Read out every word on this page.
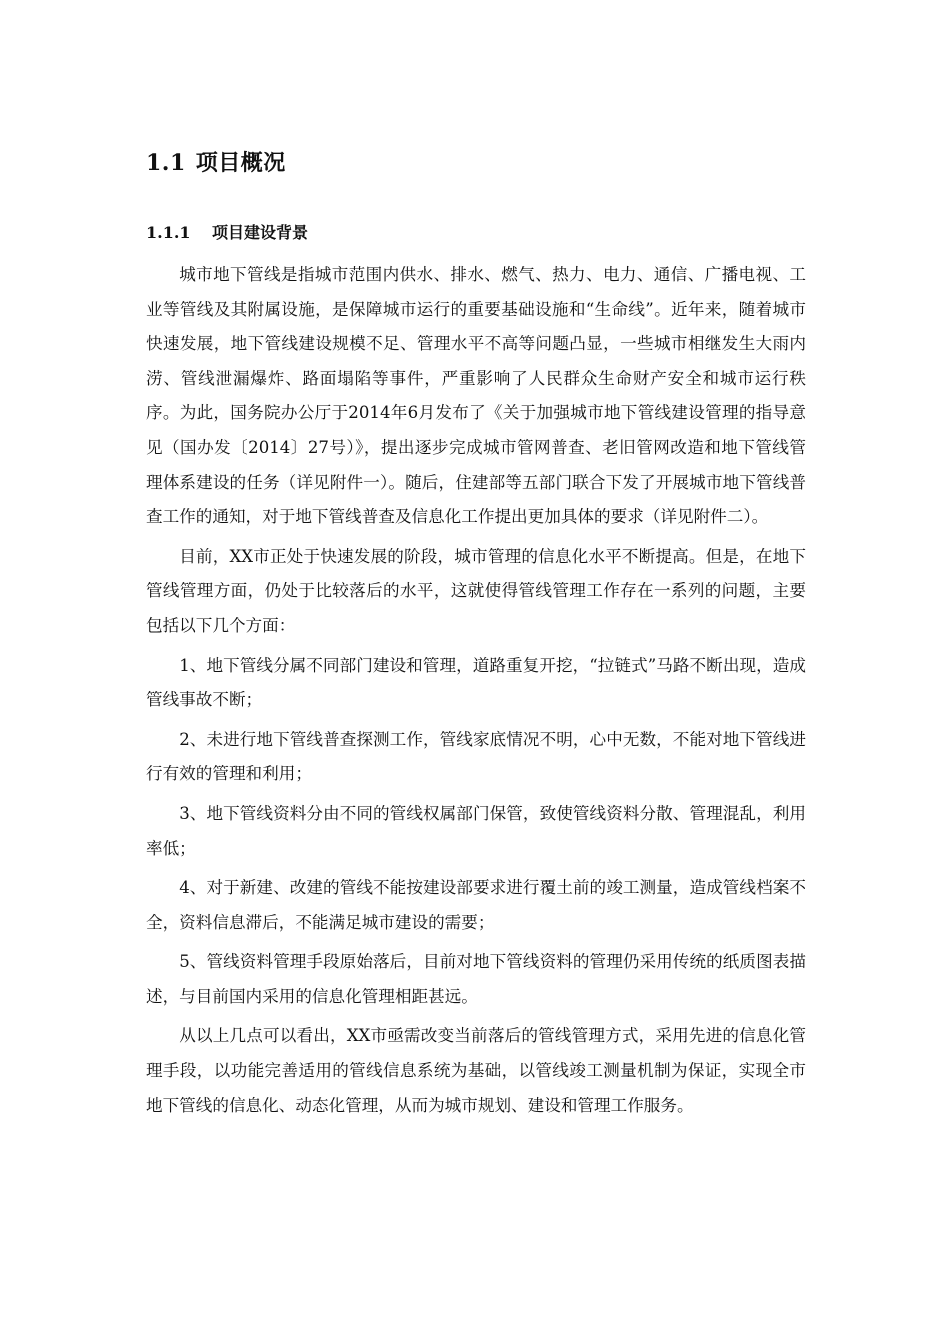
1.1 项目概况
1.1.1 项目建设背景

城市地下管线是指城市范围内供水、排水、燃气、热力、电力、通信、广播电视、工业等管线及其附属设施，是保障城市运行的重要基础设施和“生命线”。近年来，随着城市快速发展，地下管线建设规模不足、管理水平不高等问题凸显，一些城市相继发生大雨内涝、管线泄漏爆炸、路面塌陷等事件，严重影响了人民群众生命财产安全和城市运行秩序。为此，国务院办公厅于2014年6月发布了《关于加强城市地下管线建设管理的指导意见（国办发〔2014〕27号）》，提出逐步完成城市管网普查、老旧管网改造和地下管线管理体系建设的任务（详见附件一）。随后，住建部等五部门联合下发了开展城市地下管线普查工作的通知，对于地下管线普查及信息化工作提出更加具体的要求（详见附件二）。

目前，XX市正处于快速发展的阶段，城市管理的信息化水平不断提高。但是，在地下管线管理方面，仍处于比较落后的水平，这就使得管线管理工作存在一系列的问题，主要包括以下几个方面：

1、地下管线分属不同部门建设和管理，道路重复开挖，“拉链式”马路不断出现，造成管线事故不断；

2、未进行地下管线普查探测工作，管线家底情况不明，心中无数，不能对地下管线进行有效的管理和利用；

3、地下管线资料分由不同的管线权属部门保管，致使管线资料分散、管理混乱，利用率低；

4、对于新建、改建的管线不能按建设部要求进行覆土前的竣工测量，造成管线档案不全，资料信息滞后，不能满足城市建设的需要；

5、管线资料管理手段原始落后，目前对地下管线资料的管理仍采用传统的纸质图表描述，与目前国内采用的信息化管理相距甚远。

从以上几点可以看出，XX市亟需改变当前落后的管线管理方式，采用先进的信息化管理手段，以功能完善适用的管线信息系统为基础，以管线竣工测量机制为保证，实现全市地下管线的信息化、动态化管理，从而为城市规划、建设和管理工作服务。
